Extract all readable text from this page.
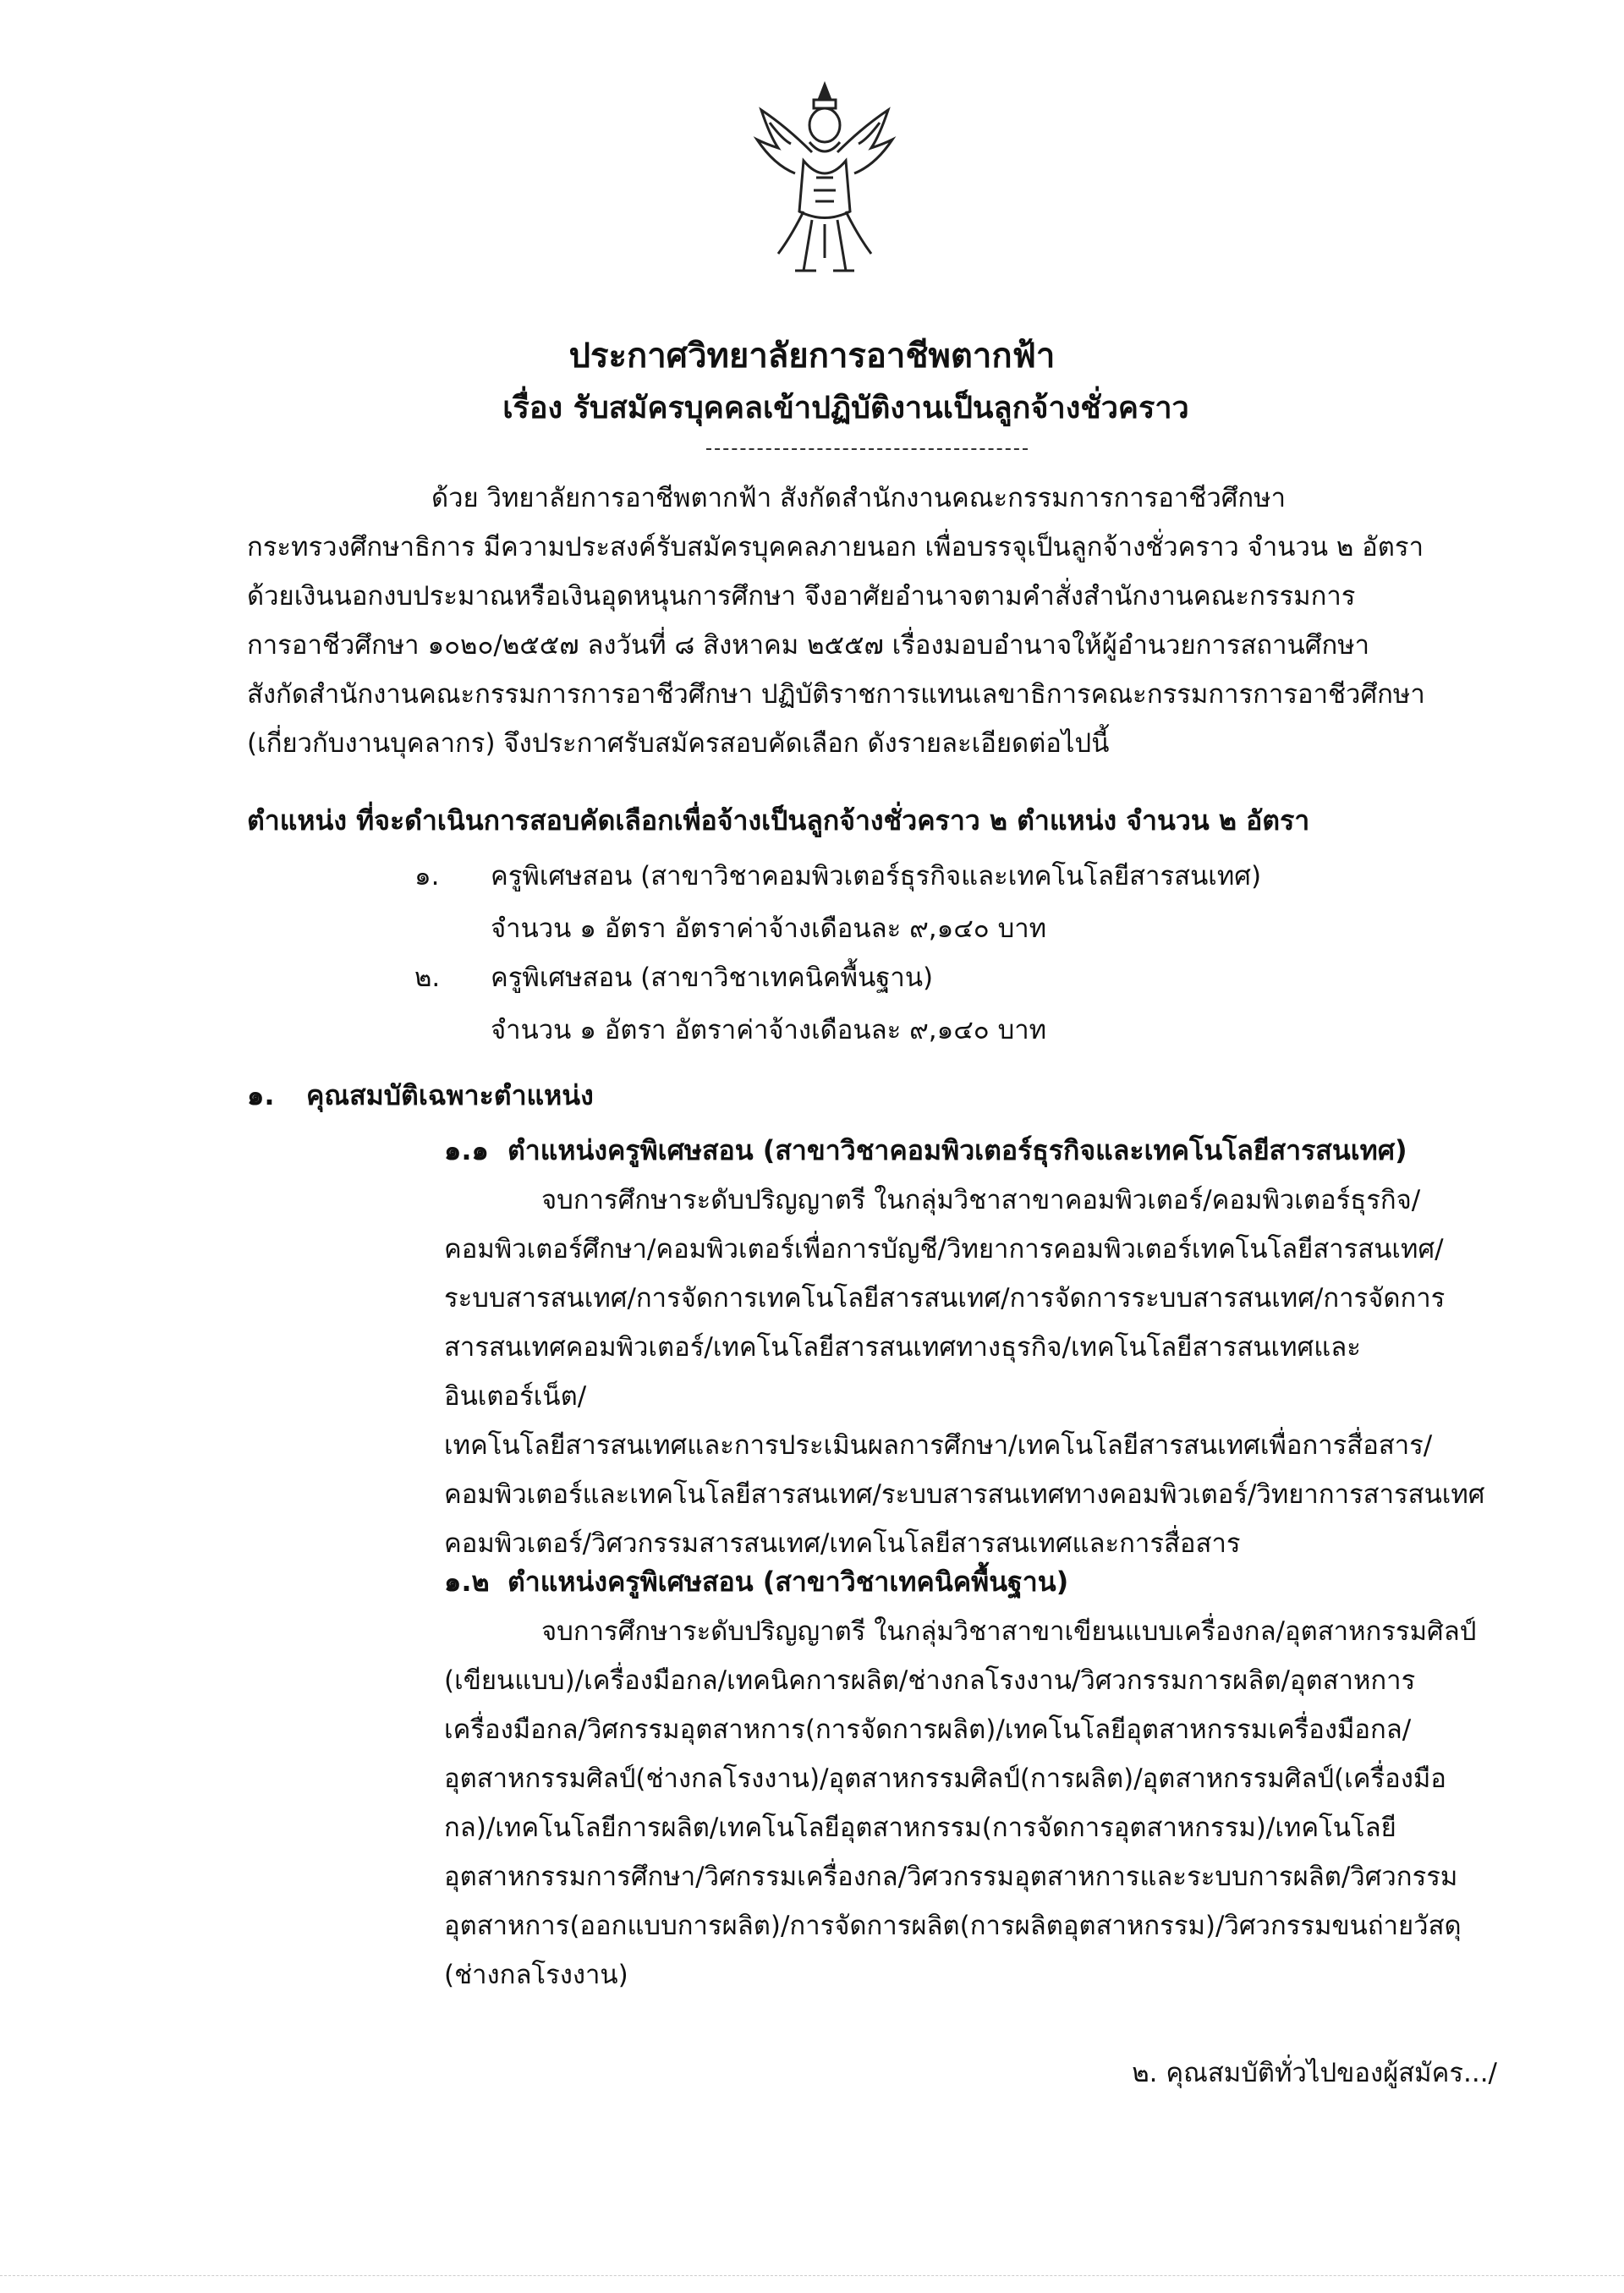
ประกาศวิทยาลัยการอาชีพตากฟ้า
เรื่อง รับสมัครบุคคลเข้าปฏิบัติงานเป็นลูกจ้างชั่วคราว
ด้วย วิทยาลัยการอาชีพตากฟ้า สังกัดสำนักงานคณะกรรมการการอาชีวศึกษา
กระทรวงศึกษาธิการ มีความประสงค์รับสมัครบุคคลภายนอก เพื่อบรรจุเป็นลูกจ้างชั่วคราว จำนวน ๒ อัตรา
ด้วยเงินนอกงบประมาณหรือเงินอุดหนุนการศึกษา จึงอาศัยอำนาจตามคำสั่งสำนักงานคณะกรรมการ
การอาชีวศึกษา ๑๐๒๐/๒๕๕๗ ลงวันที่ ๘ สิงหาคม ๒๕๕๗ เรื่องมอบอำนาจให้ผู้อำนวยการสถานศึกษา
สังกัดสำนักงานคณะกรรมการการอาชีวศึกษา ปฏิบัติราชการแทนเลขาธิการคณะกรรมการการอาชีวศึกษา
(เกี่ยวกับงานบุคลากร) จึงประกาศรับสมัครสอบคัดเลือก ดังรายละเอียดต่อไปนี้
ตำแหน่ง ที่จะดำเนินการสอบคัดเลือกเพื่อจ้างเป็นลูกจ้างชั่วคราว ๒ ตำแหน่ง จำนวน ๒ อัตรา
๑. ครูพิเศษสอน (สาขาวิชาคอมพิวเตอร์ธุรกิจและเทคโนโลยีสารสนเทศ)
จำนวน ๑ อัตรา อัตราค่าจ้างเดือนละ ๙,๑๔๐ บาท
๒. ครูพิเศษสอน (สาขาวิชาเทคนิคพื้นฐาน)
จำนวน ๑ อัตรา อัตราค่าจ้างเดือนละ ๙,๑๔๐ บาท
๑. คุณสมบัติเฉพาะตำแหน่ง
๑.๑ ตำแหน่งครูพิเศษสอน (สาขาวิชาคอมพิวเตอร์ธุรกิจและเทคโนโลยีสารสนเทศ)
จบการศึกษาระดับปริญญาตรี ในกลุ่มวิชาสาขาคอมพิวเตอร์/คอมพิวเตอร์ธุรกิจ/
คอมพิวเตอร์ศึกษา/คอมพิวเตอร์เพื่อการบัญชี/วิทยาการคอมพิวเตอร์เทคโนโลยีสารสนเทศ/
ระบบสารสนเทศ/การจัดการเทคโนโลยีสารสนเทศ/การจัดการระบบสารสนเทศ/การจัดการ
สารสนเทศคอมพิวเตอร์/เทคโนโลยีสารสนเทศทางธุรกิจ/เทคโนโลยีสารสนเทศและ
อินเตอร์เน็ต/
เทคโนโลยีสารสนเทศและการประเมินผลการศึกษา/เทคโนโลยีสารสนเทศเพื่อการสื่อสาร/
คอมพิวเตอร์และเทคโนโลยีสารสนเทศ/ระบบสารสนเทศทางคอมพิวเตอร์/วิทยาการสารสนเทศ
คอมพิวเตอร์/วิศวกรรมสารสนเทศ/เทคโนโลยีสารสนเทศและการสื่อสาร
๑.๒ ตำแหน่งครูพิเศษสอน (สาขาวิชาเทคนิคพื้นฐาน)
จบการศึกษาระดับปริญญาตรี ในกลุ่มวิชาสาขาเขียนแบบเครื่องกล/อุตสาหกรรมศิลป์
(เขียนแบบ)/เครื่องมือกล/เทคนิคการผลิต/ช่างกลโรงงาน/วิศวกรรมการผลิต/อุตสาหการ
เครื่องมือกล/วิศกรรมอุตสาหการ(การจัดการผลิต)/เทคโนโลยีอุตสาหกรรมเครื่องมือกล/
อุตสาหกรรมศิลป์(ช่างกลโรงงาน)/อุตสาหกรรมศิลป์(การผลิต)/อุตสาหกรรมศิลป์(เครื่องมือ
กล)/เทคโนโลยีการผลิต/เทคโนโลยีอุตสาหกรรม(การจัดการอุตสาหกรรม)/เทคโนโลยี
อุตสาหกรรมการศึกษา/วิศกรรมเครื่องกล/วิศวกรรมอุตสาหการและระบบการผลิต/วิศวกรรม
อุตสาหการ(ออกแบบการผลิต)/การจัดการผลิต(การผลิตอุตสาหกรรม)/วิศวกรรมขนถ่ายวัสดุ
(ช่างกลโรงงาน)
๒. คุณสมบัติทั่วไปของผู้สมัคร.../
